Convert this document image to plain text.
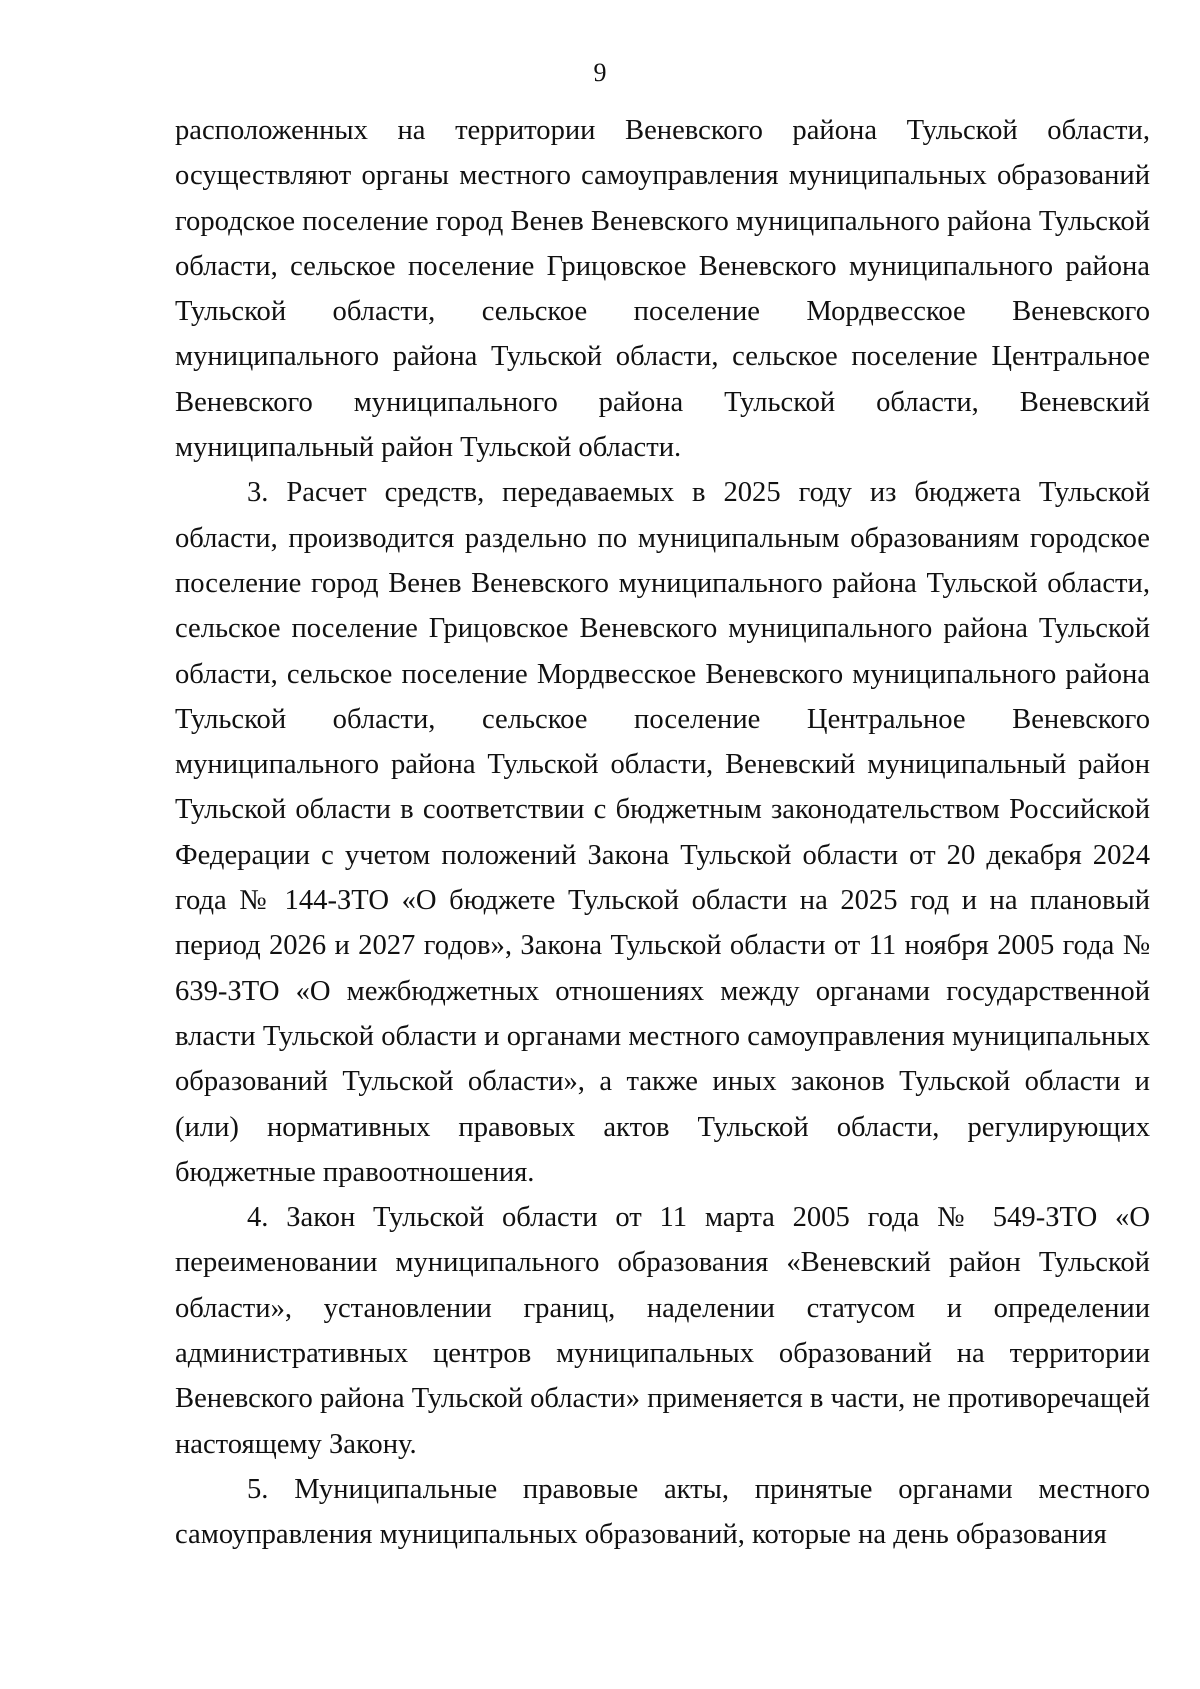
9

расположенных на территории Веневского района Тульской области, осуществляют органы местного самоуправления муниципальных образований городское поселение город Венев Веневского муниципального района Тульской области, сельское поселение Грицовское Веневского муниципального района Тульской области, сельское поселение Мордвесское Веневского муниципального района Тульской области, сельское поселение Центральное Веневского муниципального района Тульской области, Веневский муниципальный район Тульской области.

3. Расчет средств, передаваемых в 2025 году из бюджета Тульской области, производится раздельно по муниципальным образованиям городское поселение город Венев Веневского муниципального района Тульской области, сельское поселение Грицовское Веневского муниципального района Тульской области, сельское поселение Мордвесское Веневского муниципального района Тульской области, сельское поселение Центральное Веневского муниципального района Тульской области, Веневский муниципальный район Тульской области в соответствии с бюджетным законодательством Российской Федерации с учетом положений Закона Тульской области от 20 декабря 2024 года № 144-ЗТО «О бюджете Тульской области на 2025 год и на плановый период 2026 и 2027 годов», Закона Тульской области от 11 ноября 2005 года № 639-ЗТО «О межбюджетных отношениях между органами государственной власти Тульской области и органами местного самоуправления муниципальных образований Тульской области», а также иных законов Тульской области и (или) нормативных правовых актов Тульской области, регулирующих бюджетные правоотношения.

4. Закон Тульской области от 11 марта 2005 года № 549-ЗТО «О переименовании муниципального образования «Веневский район Тульской области», установлении границ, наделении статусом и определении административных центров муниципальных образований на территории Веневского района Тульской области» применяется в части, не противоречащей настоящему Закону.

5. Муниципальные правовые акты, принятые органами местного самоуправления муниципальных образований, которые на день образования
